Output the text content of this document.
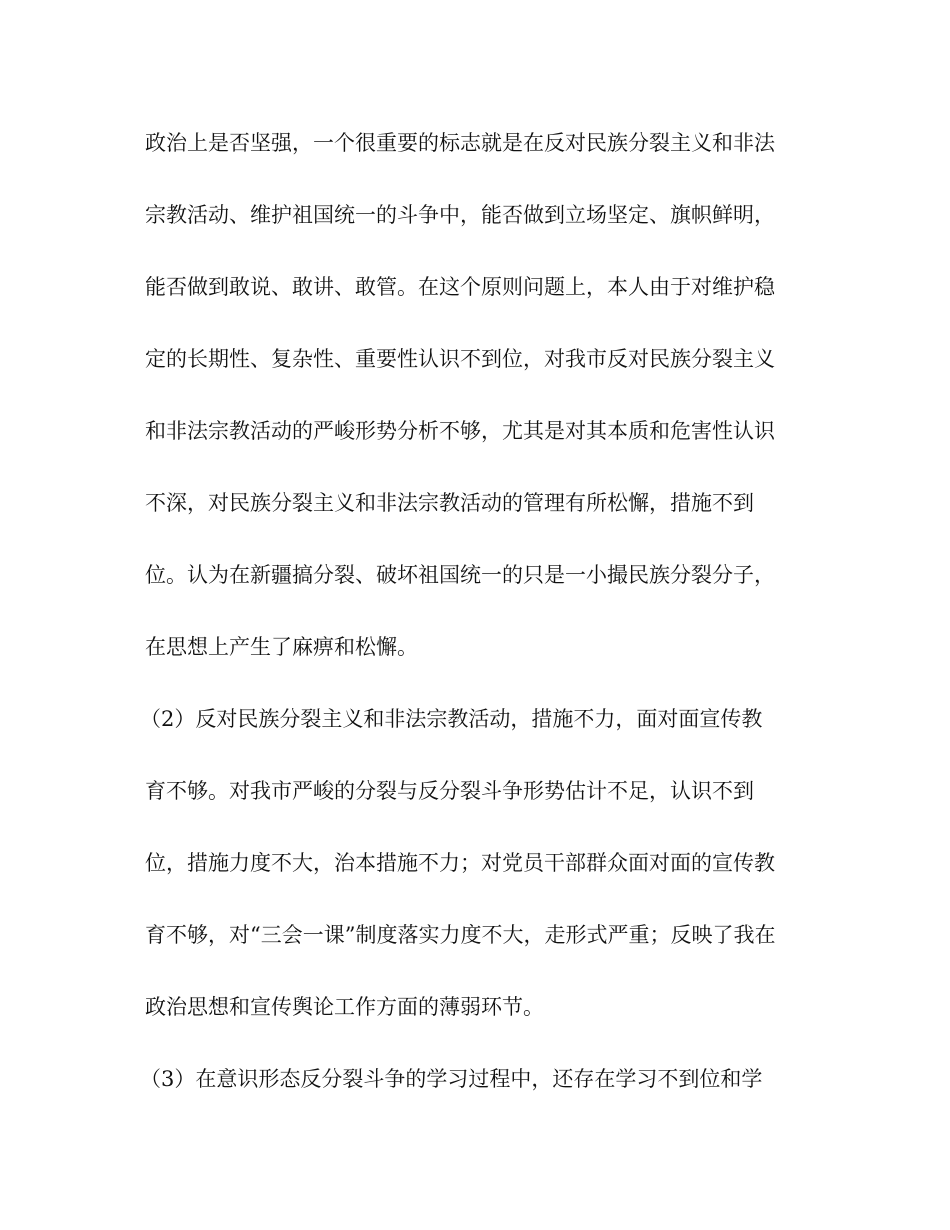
政治上是否坚强，一个很重要的标志就是在反对民族分裂主义和非法
宗教活动、维护祖国统一的斗争中，能否做到立场坚定、旗帜鲜明，
能否做到敢说、敢讲、敢管。在这个原则问题上，本人由于对维护稳
定的长期性、复杂性、重要性认识不到位，对我市反对民族分裂主义
和非法宗教活动的严峻形势分析不够，尤其是对其本质和危害性认识
不深，对民族分裂主义和非法宗教活动的管理有所松懈，措施不到
位。认为在新疆搞分裂、破坏祖国统一的只是一小撮民族分裂分子，
在思想上产生了麻痹和松懈。
（2）反对民族分裂主义和非法宗教活动，措施不力，面对面宣传教
育不够。对我市严峻的分裂与反分裂斗争形势估计不足，认识不到
位，措施力度不大，治本措施不力；对党员干部群众面对面的宣传教
育不够，对“三会一课”制度落实力度不大，走形式严重；反映了我在
政治思想和宣传舆论工作方面的薄弱环节。
（3）在意识形态反分裂斗争的学习过程中，还存在学习不到位和学
